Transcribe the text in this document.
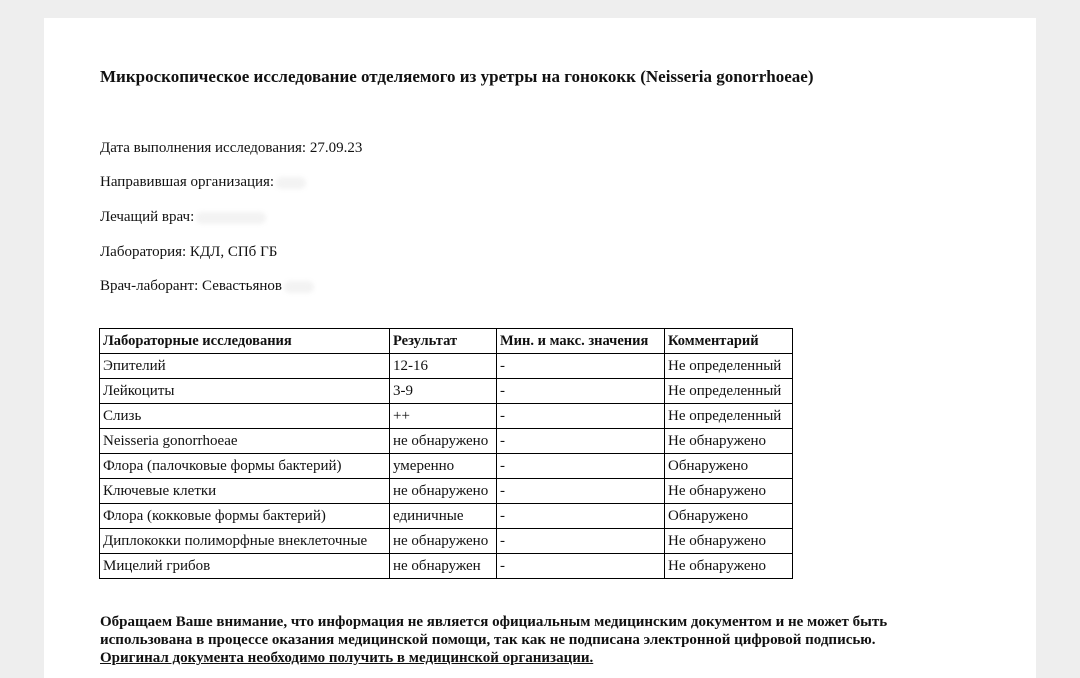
Микроскопическое исследование отделяемого из уретры на гонококк (Neisseria gonorrhoeae)
Дата выполнения исследования: 27.09.23
Направившая организация:
Лечащий врач:
Лаборатория: КДЛ, СПб ГБ
Врач-лаборант: Севастьянов
Лабораторные исследования	Результат	Мин. и макс. значения	Комментарий
Эпителий	12-16	-	Не определенный
Лейкоциты	3-9	-	Не определенный
Слизь	++	-	Не определенный
Neisseria gonorrhoeae	не обнаружено	-	Не обнаружено
Флора (палочковые формы бактерий)	умеренно	-	Обнаружено
Ключевые клетки	не обнаружено	-	Не обнаружено
Флора (кокковые формы бактерий)	единичные	-	Обнаружено
Диплококки полиморфные внеклеточные	не обнаружено	-	Не обнаружено
Мицелий грибов	не обнаружен	-	Не обнаружено
Обращаем Ваше внимание, что информация не является официальным медицинским документом и не может быть
использована в процессе оказания медицинской помощи, так как не подписана электронной цифровой подписью.
Оригинал документа необходимо получить в медицинской организации.
